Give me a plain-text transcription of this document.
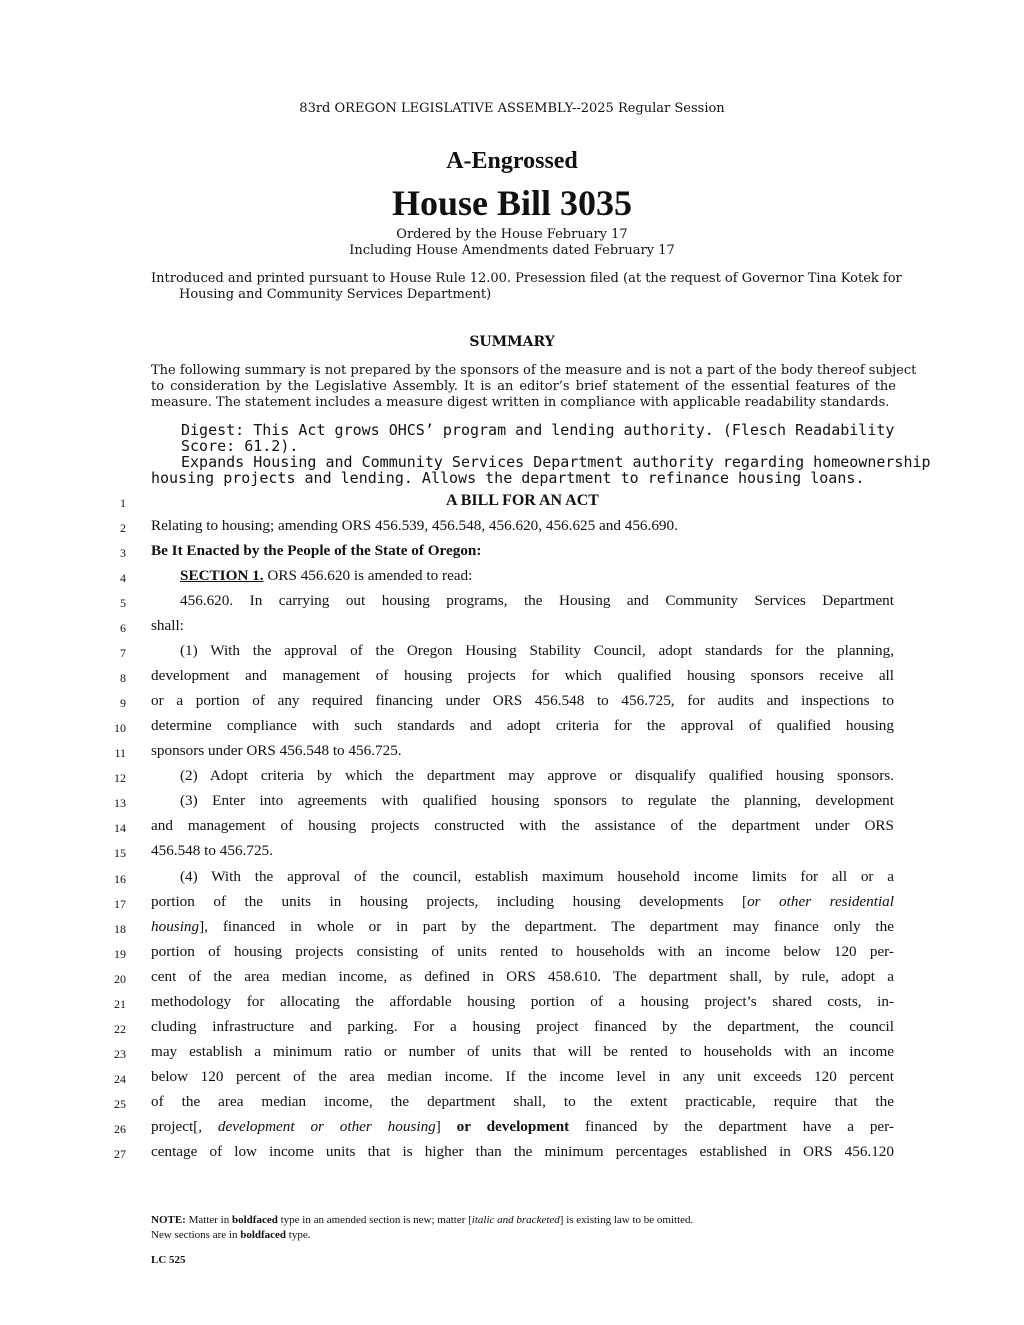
83rd OREGON LEGISLATIVE ASSEMBLY--2025 Regular Session
A-Engrossed
House Bill 3035
Ordered by the House February 17
Including House Amendments dated February 17
Introduced and printed pursuant to House Rule 12.00. Presession filed (at the request of Governor Tina Kotek for
Housing and Community Services Department)
SUMMARY
The following summary is not prepared by the sponsors of the measure and is not a part of the body thereof subject
to consideration by the Legislative Assembly. It is an editor’s brief statement of the essential features of the
measure. The statement includes a measure digest written in compliance with applicable readability standards.
Digest: This Act grows OHCS’ program and lending authority. (Flesch Readability Score: 61.2).
Expands Housing and Community Services Department authority regarding homeownership
housing projects and lending. Allows the department to refinance housing loans.
1	A BILL FOR AN ACT
2 Relating to housing; amending ORS 456.539, 456.548, 456.620, 456.625 and 456.690.
3 Be It Enacted by the People of the State of Oregon:
4	SECTION 1. ORS 456.620 is amended to read:
5	456.620. In carrying out housing programs, the Housing and Community Services Department
6 shall:
7	(1) With the approval of the Oregon Housing Stability Council, adopt standards for the planning,
8 development and management of housing projects for which qualified housing sponsors receive all
9 or a portion of any required financing under ORS 456.548 to 456.725, for audits and inspections to
10 determine compliance with such standards and adopt criteria for the approval of qualified housing
11 sponsors under ORS 456.548 to 456.725.
12	(2) Adopt criteria by which the department may approve or disqualify qualified housing sponsors.
13	(3) Enter into agreements with qualified housing sponsors to regulate the planning, development
14 and management of housing projects constructed with the assistance of the department under ORS
15 456.548 to 456.725.
16	(4) With the approval of the council, establish maximum household income limits for all or a
17 portion of the units in housing projects, including housing developments [or other residential
18 housing], financed in whole or in part by the department. The department may finance only the
19 portion of housing projects consisting of units rented to households with an income below 120 per-
20 cent of the area median income, as defined in ORS 458.610. The department shall, by rule, adopt a
21 methodology for allocating the affordable housing portion of a housing project’s shared costs, in-
22 cluding infrastructure and parking. For a housing project financed by the department, the council
23 may establish a minimum ratio or number of units that will be rented to households with an income
24 below 120 percent of the area median income. If the income level in any unit exceeds 120 percent
25 of the area median income, the department shall, to the extent practicable, require that the
26 project[, development or other housing] or development financed by the department have a per-
27 centage of low income units that is higher than the minimum percentages established in ORS 456.120
NOTE: Matter in boldfaced type in an amended section is new; matter [italic and bracketed] is existing law to be omitted.
New sections are in boldfaced type.
LC 525
